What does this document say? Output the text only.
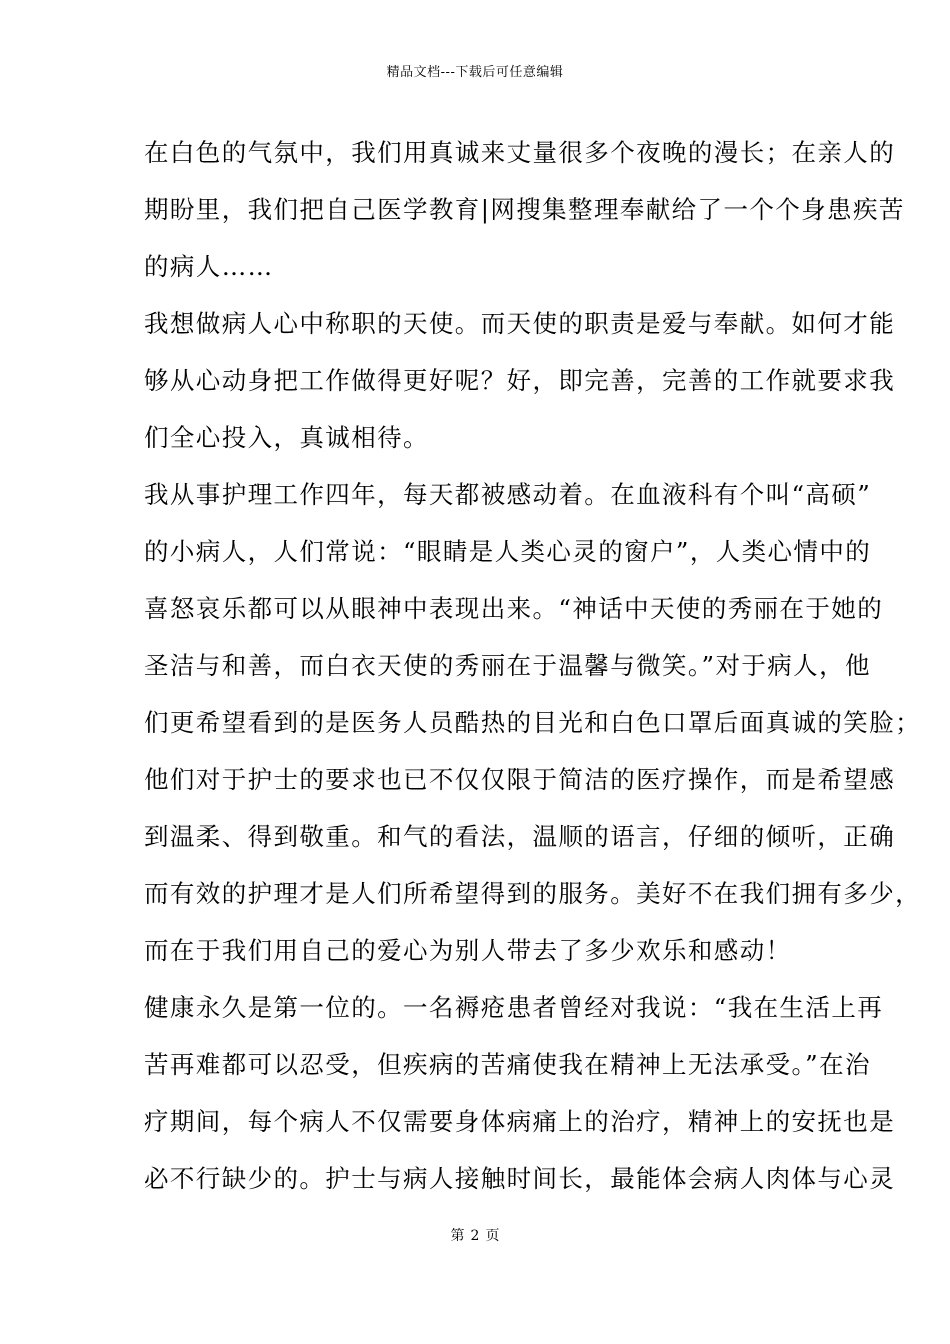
精品文档---下载后可任意编辑
在白色的气氛中，我们用真诚来丈量很多个夜晚的漫长；在亲人的
期盼里，我们把自己医学教育|网搜集整理奉献给了一个个身患疾苦
的病人……
我想做病人心中称职的天使。而天使的职责是爱与奉献。如何才能
够从心动身把工作做得更好呢？好，即完善，完善的工作就要求我
们全心投入，真诚相待。
我从事护理工作四年，每天都被感动着。在血液科有个叫“高硕”
的小病人，人们常说：“眼睛是人类心灵的窗户”，人类心情中的
喜怒哀乐都可以从眼神中表现出来。“神话中天使的秀丽在于她的
圣洁与和善，而白衣天使的秀丽在于温馨与微笑。”对于病人，他
们更希望看到的是医务人员酷热的目光和白色口罩后面真诚的笑脸；
他们对于护士的要求也已不仅仅限于简洁的医疗操作，而是希望感
到温柔、得到敬重。和气的看法，温顺的语言，仔细的倾听，正确
而有效的护理才是人们所希望得到的服务。美好不在我们拥有多少，
而在于我们用自己的爱心为别人带去了多少欢乐和感动！
健康永久是第一位的。一名褥疮患者曾经对我说：“我在生活上再
苦再难都可以忍受，但疾病的苦痛使我在精神上无法承受。”在治
疗期间，每个病人不仅需要身体病痛上的治疗，精神上的安抚也是
必不行缺少的。护士与病人接触时间长，最能体会病人肉体与心灵
第 2 页
